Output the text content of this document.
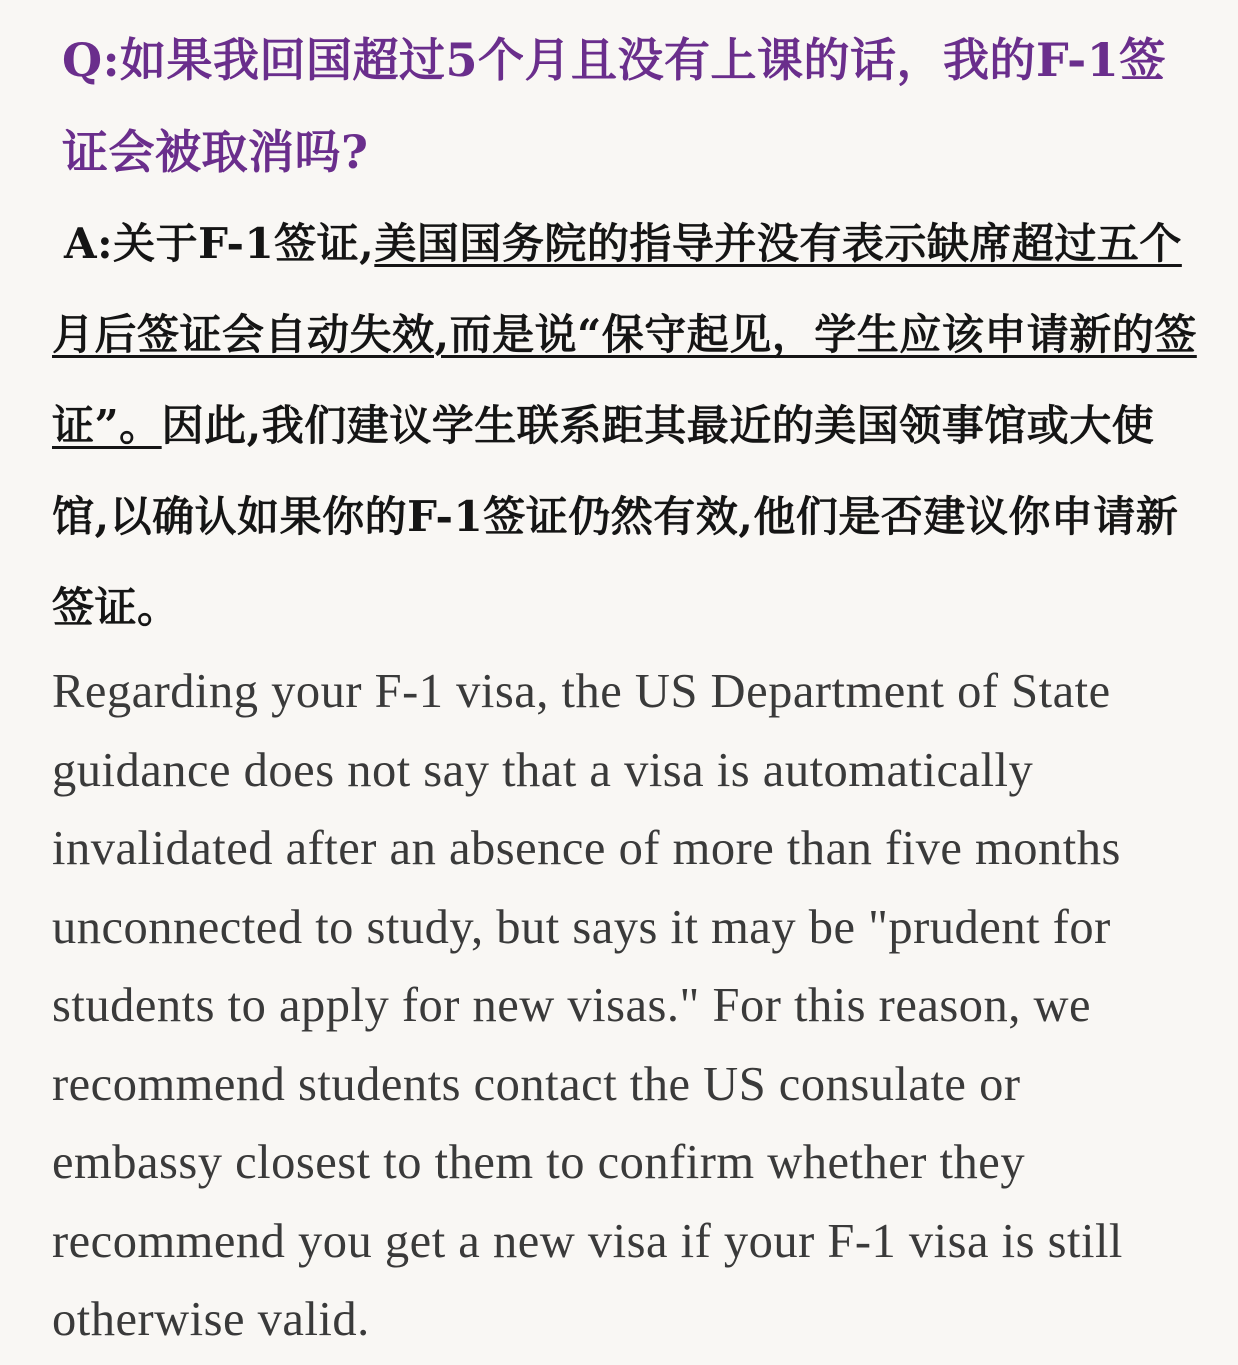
Q:如果我回国超过5个月且没有上课的话，我的F-1签证会被取消吗?

A:关于F-1签证,美国国务院的指导并没有表示缺席超过五个月后签证会自动失效,而是说“保守起见，学生应该申请新的签证”。因此,我们建议学生联系距其最近的美国领事馆或大使馆,以确认如果你的F-1签证仍然有效,他们是否建议你申请新签证。

Regarding your F-1 visa, the US Department of State guidance does not say that a visa is automatically invalidated after an absence of more than five months unconnected to study, but says it may be "prudent for students to apply for new visas." For this reason, we recommend students contact the US consulate or embassy closest to them to confirm whether they recommend you get a new visa if your F-1 visa is still otherwise valid.
